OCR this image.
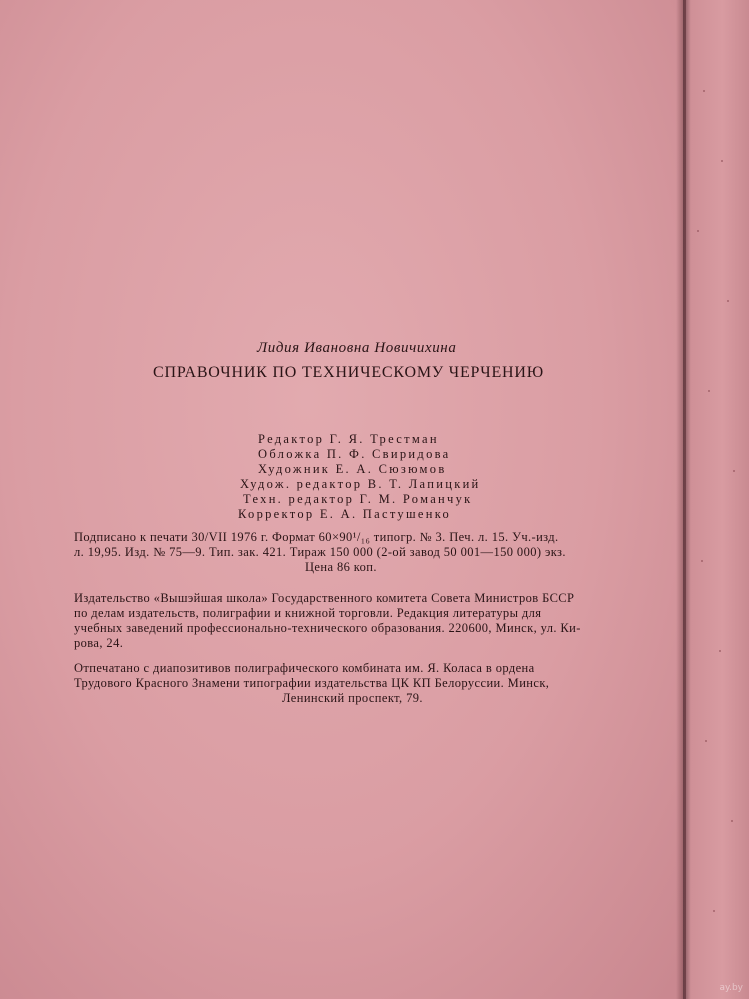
Лидия Ивановна Новичихина
СПРАВОЧНИК ПО ТЕХНИЧЕСКОМУ ЧЕРЧЕНИЮ
Редактор Г. Я. Трестман
Обложка П. Ф. Свиридова
Художник Е. А. Сюзюмов
Худож. редактор В. Т. Лапицкий
Техн. редактор Г. М. Романчук
Корректор Е. А. Пастушенко
Подписано к печати 30/VII 1976 г. Формат 60×90¹/₁₆ типогр. № 3. Печ. л. 15. Уч.-изд.
л. 19,95. Изд. № 75—9. Тип. зак. 421. Тираж 150 000 (2-ой завод 50 001—150 000) экз.
Цена 86 коп.
Издательство «Вышэйшая школа» Государственного комитета Совета Министров БССР
по делам издательств, полиграфии и книжной торговли. Редакция литературы для
учебных заведений профессионально-технического образования. 220600, Минск, ул. Ки-
рова, 24.
Отпечатано с диапозитивов полиграфического комбината им. Я. Коласа в ордена
Трудового Красного Знамени типографии издательства ЦК КП Белоруссии. Минск,
Ленинский проспект, 79.
ay.by
